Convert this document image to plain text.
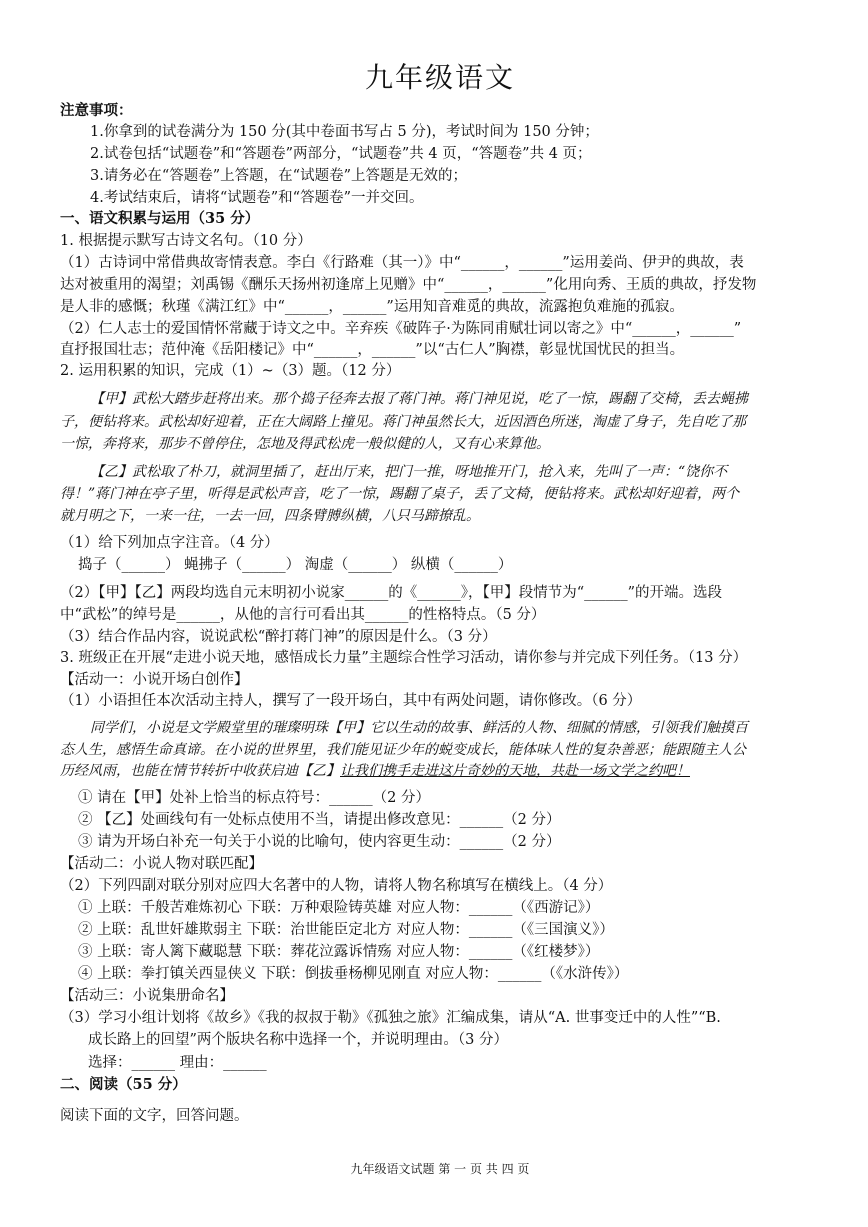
九年级语文
注意事项：
1.你拿到的试卷满分为 150 分(其中卷面书写占 5 分)，考试时间为 150 分钟；
2.试卷包括“试题卷”和“答题卷”两部分，“试题卷”共 4 页，“答题卷”共 4 页；
3.请务必在“答题卷”上答题，在“试题卷”上答题是无效的；
4.考试结束后，请将“试题卷”和“答题卷”一并交回。
一、语文积累与运用（35 分）
1. 根据提示默写古诗文名句。（10 分）
（1）古诗词中常借典故寄情表意。李白《行路难（其一）》中“______，______”运用姜尚、伊尹的典故，表
达对被重用的渴望；刘禹锡《酬乐天扬州初逢席上见赠》中“______，______”化用向秀、王质的典故，抒发物
是人非的感慨；秋瑾《满江红》中“______，______”运用知音难觅的典故，流露抱负难施的孤寂。
（2）仁人志士的爱国情怀常藏于诗文之中。辛弃疾《破阵子·为陈同甫赋壮词以寄之》中“______，______”
直抒报国壮志；范仲淹《岳阳楼记》中“______，______”以“古仁人”胸襟，彰显忧国忧民的担当。
2. 运用积累的知识，完成（1）~（3）题。（12 分）
【甲】武松大踏步赶将出来。那个捣子径奔去报了蒋门神。蒋门神见说，吃了一惊，踢翻了交椅，丢去蝇拂
子，便钻将来。武松却好迎着，正在大阔路上撞见。蒋门神虽然长大，近因酒色所迷，淘虚了身子，先自吃了那
一惊，奔将来，那步不曾停住，怎地及得武松虎一般似健的人，又有心来算他。
【乙】武松取了朴刀，就洞里插了，赶出厅来，把门一推，呀地推开门，抢入来，先叫了一声：“饶你不
得！”蒋门神在亭子里，听得是武松声音，吃了一惊，踢翻了桌子，丢了文椅，便钻将来。武松却好迎着，两个
就月明之下，一来一往，一去一回，四条臂膊纵横，八只马蹄撩乱。
（1）给下列加点字注音。（4 分）
捣子（______） 蝇拂子（______） 淘虚（______） 纵横（______）
（2）【甲】【乙】两段均选自元末明初小说家______的《______》，【甲】段情节为“______”的开端。选段
中“武松”的绰号是______，从他的言行可看出其______的性格特点。（5 分）
（3）结合作品内容，说说武松“醉打蒋门神”的原因是什么。（3 分）
3. 班级正在开展“走进小说天地，感悟成长力量”主题综合性学习活动，请你参与并完成下列任务。（13 分）
【活动一：小说开场白创作】
（1）小语担任本次活动主持人，撰写了一段开场白，其中有两处问题，请你修改。（6 分）
同学们，小说是文学殿堂里的璀璨明珠【甲】它以生动的故事、鲜活的人物、细腻的情感，引领我们触摸百
态人生，感悟生命真谛。在小说的世界里，我们能见证少年的蜕变成长，能体味人性的复杂善恶；能跟随主人公
历经风雨，也能在情节转折中收获启迪【乙】让我们携手走进这片奇妙的天地，共赴一场文学之约吧！
① 请在【甲】处补上恰当的标点符号：______（2 分）
② 【乙】处画线句有一处标点使用不当，请提出修改意见：______（2 分）
③ 请为开场白补充一句关于小说的比喻句，使内容更生动：______（2 分）
【活动二：小说人物对联匹配】
（2）下列四副对联分别对应四大名著中的人物，请将人物名称填写在横线上。（4 分）
① 上联：千般苦难炼初心 下联：万种艰险铸英雄 对应人物：______（《西游记》）
② 上联：乱世奸雄欺弱主 下联：治世能臣定北方 对应人物：______（《三国演义》）
③ 上联：寄人篱下藏聪慧 下联：葬花泣露诉情殇 对应人物：______（《红楼梦》）
④ 上联：拳打镇关西显侠义 下联：倒拔垂杨柳见刚直 对应人物：______（《水浒传》）
【活动三：小说集册命名】
（3）学习小组计划将《故乡》《我的叔叔于勒》《孤独之旅》汇编成集，请从“A. 世事变迁中的人性”“B.
成长路上的回望”两个版块名称中选择一个，并说明理由。（3 分）
选择：______ 理由：______
二、阅读（55 分）
阅读下面的文字，回答问题。
九年级语文试题 第 一 页 共 四 页
